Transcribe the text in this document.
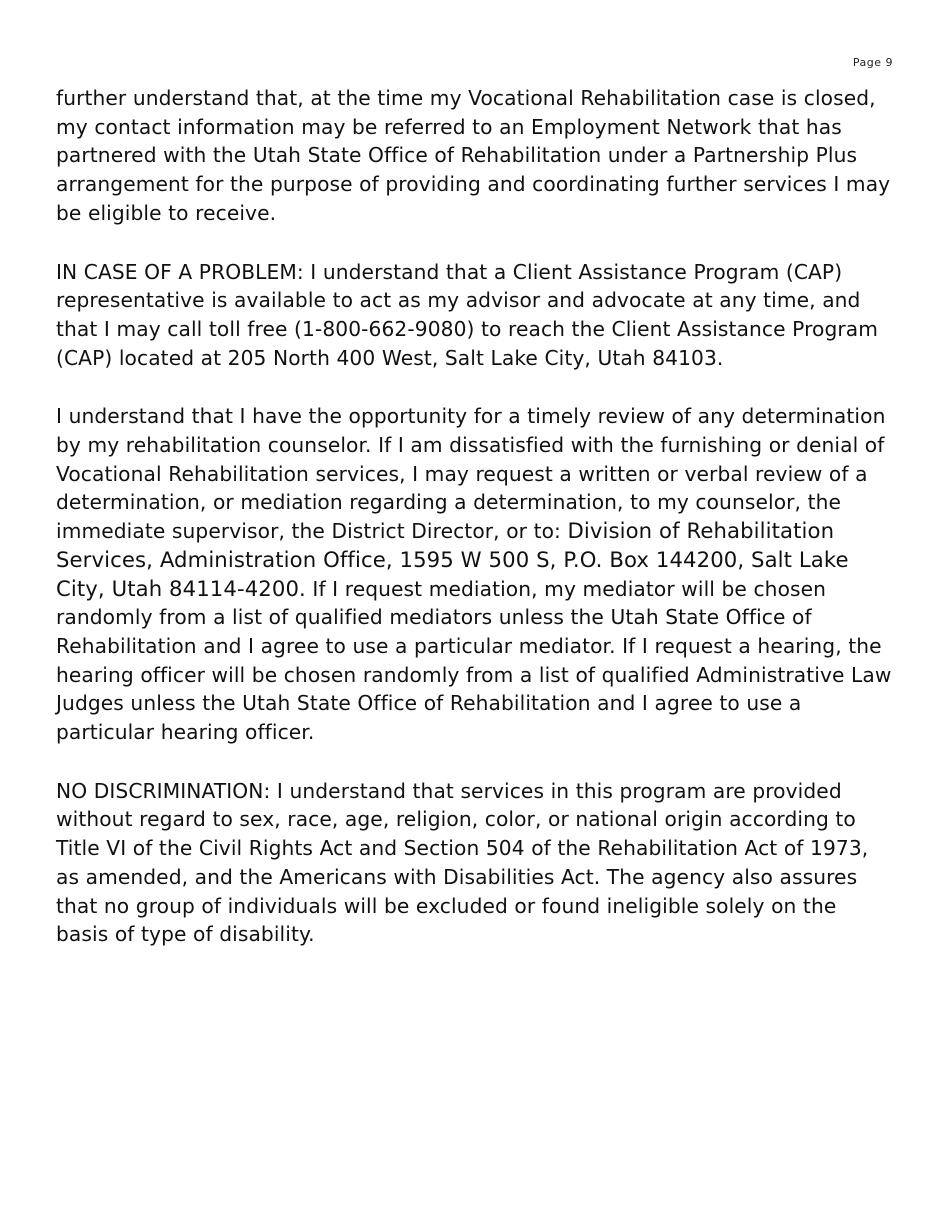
Page 9

further understand that, at the time my Vocational Rehabilitation case is closed, my contact information may be referred to an Employment Network that has partnered with the Utah State Office of Rehabilitation under a Partnership Plus arrangement for the purpose of providing and coordinating further services I may be eligible to receive.

IN CASE OF A PROBLEM: I understand that a Client Assistance Program (CAP) representative is available to act as my advisor and advocate at any time, and that I may call toll free (1-800-662-9080) to reach the Client Assistance Program (CAP) located at 205 North 400 West, Salt Lake City, Utah 84103.

I understand that I have the opportunity for a timely review of any determination by my rehabilitation counselor. If I am dissatisfied with the furnishing or denial of Vocational Rehabilitation services, I may request a written or verbal review of a determination, or mediation regarding a determination, to my counselor, the immediate supervisor, the District Director, or to: Division of Rehabilitation Services, Administration Office, 1595 W 500 S, P.O. Box 144200, Salt Lake City, Utah 84114-4200. If I request mediation, my mediator will be chosen randomly from a list of qualified mediators unless the Utah State Office of Rehabilitation and I agree to use a particular mediator. If I request a hearing, the hearing officer will be chosen randomly from a list of qualified Administrative Law Judges unless the Utah State Office of Rehabilitation and I agree to use a particular hearing officer.

NO DISCRIMINATION: I understand that services in this program are provided without regard to sex, race, age, religion, color, or national origin according to Title VI of the Civil Rights Act and Section 504 of the Rehabilitation Act of 1973, as amended, and the Americans with Disabilities Act. The agency also assures that no group of individuals will be excluded or found ineligible solely on the basis of type of disability.
